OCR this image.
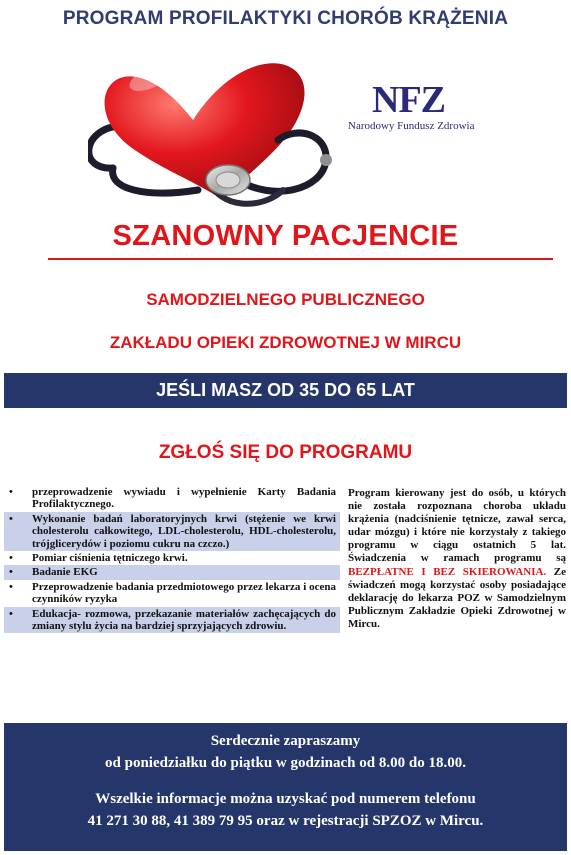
PROGRAM PROFILAKTYKI CHORÓB KRĄŻENIA
NFZ
Narodowy Fundusz Zdrowia
SZANOWNY PACJENCIE
SAMODZIELNEGO PUBLICZNEGO
ZAKŁADU OPIEKI ZDROWOTNEJ W MIRCU
JEŚLI MASZ OD 35 DO 65 LAT
ZGŁOŚ SIĘ DO PROGRAMU
• przeprowadzenie wywiadu i wypełnienie Karty Badania Profilaktycznego.
• Wykonanie badań laboratoryjnych krwi (stężenie we krwi cholesterolu całkowitego, LDL-cholesterolu, HDL-cholesterolu, trójglicerydów i poziomu cukru na czczo.)
• Pomiar ciśnienia tętniczego krwi.
• Badanie EKG
• Przeprowadzenie badania przedmiotowego przez lekarza i ocena czynników ryzyka
• Edukacja- rozmowa, przekazanie materiałów zachęcających do zmiany stylu życia na bardziej sprzyjających zdrowiu.
Program kierowany jest do osób, u których nie została rozpoznana choroba układu krążenia (nadciśnienie tętnicze, zawał serca, udar mózgu) i które nie korzystały z takiego programu w ciągu ostatnich 5 lat. Świadczenia w ramach programu są BEZPŁATNE I BEZ SKIEROWANIA. Ze świadczeń mogą korzystać osoby posiadające deklarację do lekarza POZ w Samodzielnym Publicznym Zakładzie Opieki Zdrowotnej w Mircu.

Serdecznie zapraszamy

od poniedziałku do piątku w godzinach od 8.00 do 18.00.

Wszelkie informacje można uzyskać pod numerem telefonu

41 271 30 88, 41 389 79 95 oraz w rejestracji SPZOZ w Mircu.
